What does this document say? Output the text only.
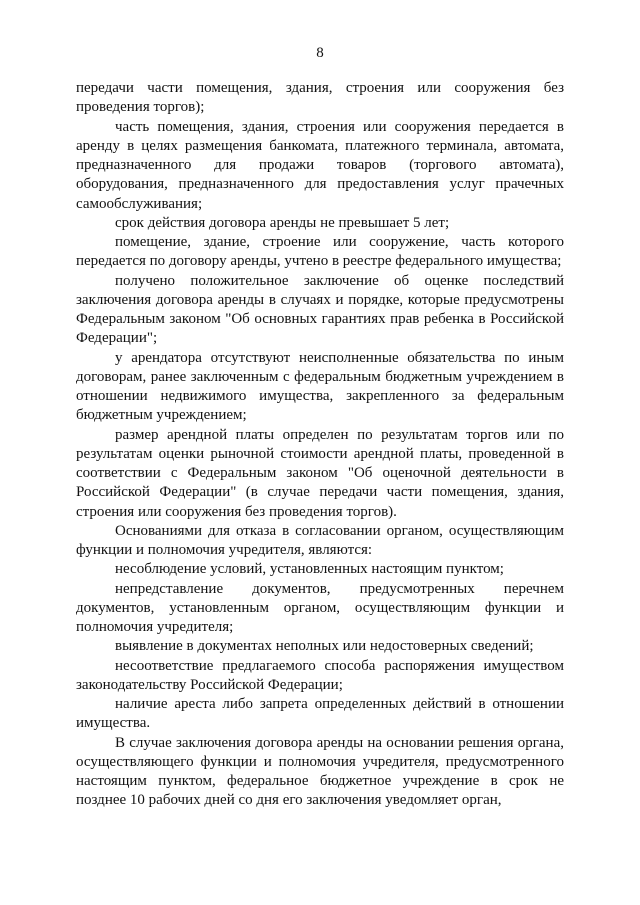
8

передачи части помещения, здания, строения или сооружения без проведения торгов);

часть помещения, здания, строения или сооружения передается в аренду в целях размещения банкомата, платежного терминала, автомата, предназначенного для продажи товаров (торгового автомата), оборудования, предназначенного для предоставления услуг прачечных самообслуживания;

срок действия договора аренды не превышает 5 лет;

помещение, здание, строение или сооружение, часть которого передается по договору аренды, учтено в реестре федерального имущества;

получено положительное заключение об оценке последствий заключения договора аренды в случаях и порядке, которые предусмотрены Федеральным законом "Об основных гарантиях прав ребенка в Российской Федерации";

у арендатора отсутствуют неисполненные обязательства по иным договорам, ранее заключенным с федеральным бюджетным учреждением в отношении недвижимого имущества, закрепленного за федеральным бюджетным учреждением;

размер арендной платы определен по результатам торгов или по результатам оценки рыночной стоимости арендной платы, проведенной в соответствии с Федеральным законом "Об оценочной деятельности в Российской Федерации" (в случае передачи части помещения, здания, строения или сооружения без проведения торгов).

Основаниями для отказа в согласовании органом, осуществляющим функции и полномочия учредителя, являются:

несоблюдение условий, установленных настоящим пунктом;

непредставление документов, предусмотренных перечнем документов, установленным органом, осуществляющим функции и полномочия учредителя;

выявление в документах неполных или недостоверных сведений;

несоответствие предлагаемого способа распоряжения имуществом законодательству Российской Федерации;

наличие ареста либо запрета определенных действий в отношении имущества.

В случае заключения договора аренды на основании решения органа, осуществляющего функции и полномочия учредителя, предусмотренного настоящим пунктом, федеральное бюджетное учреждение в срок не позднее 10 рабочих дней со дня его заключения уведомляет орган,
